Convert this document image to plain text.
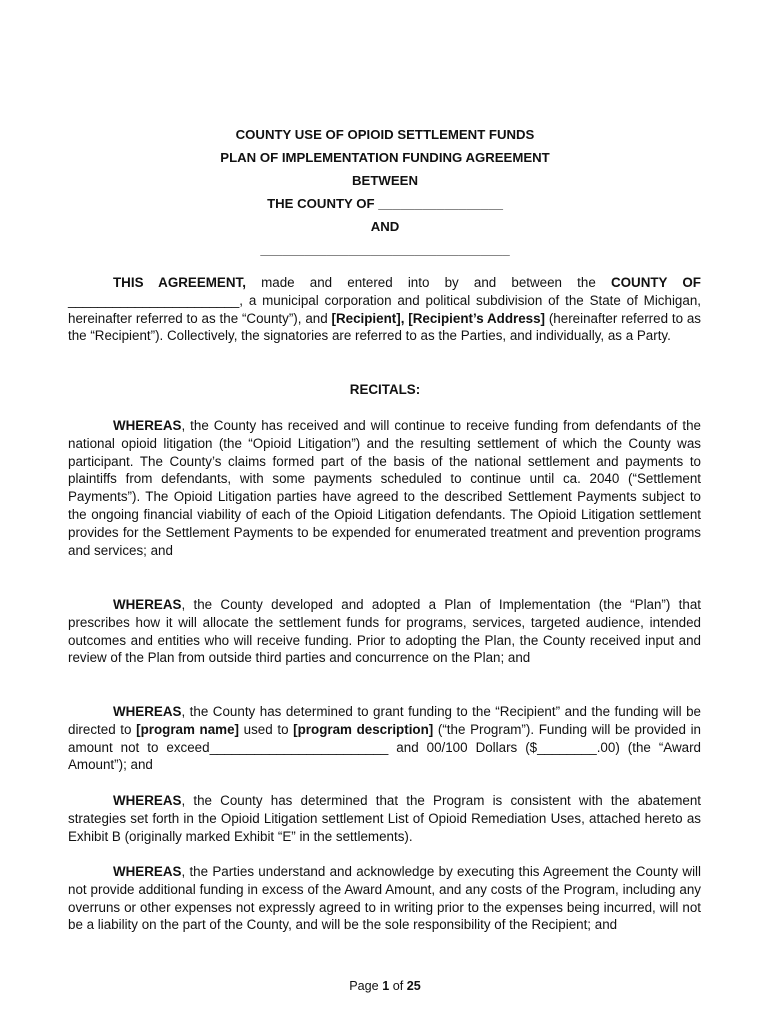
COUNTY USE OF OPIOID SETTLEMENT FUNDS
PLAN OF IMPLEMENTATION FUNDING AGREEMENT
BETWEEN
THE COUNTY OF _________________
AND
__________________________________

THIS AGREEMENT, made and entered into by and between the COUNTY OF _______________________, a municipal corporation and political subdivision of the State of Michigan, hereinafter referred to as the “County”), and [Recipient], [Recipient’s Address] (hereinafter referred to as the “Recipient”). Collectively, the signatories are referred to as the Parties, and individually, as a Party.

RECITALS:

WHEREAS, the County has received and will continue to receive funding from defendants of the national opioid litigation (the “Opioid Litigation”) and the resulting settlement of which the County was participant. The County’s claims formed part of the basis of the national settlement and payments to plaintiffs from defendants, with some payments scheduled to continue until ca. 2040 (“Settlement Payments”). The Opioid Litigation parties have agreed to the described Settlement Payments subject to the ongoing financial viability of each of the Opioid Litigation defendants. The Opioid Litigation settlement provides for the Settlement Payments to be expended for enumerated treatment and prevention programs and services; and

WHEREAS, the County developed and adopted a Plan of Implementation (the “Plan”) that prescribes how it will allocate the settlement funds for programs, services, targeted audience, intended outcomes and entities who will receive funding. Prior to adopting the Plan, the County received input and review of the Plan from outside third parties and concurrence on the Plan; and

WHEREAS, the County has determined to grant funding to the “Recipient” and the funding will be directed to [program name] used to [program description] (“the Program”). Funding will be provided in amount not to exceed________________________ and 00/100 Dollars ($________.00) (the “Award Amount”); and

WHEREAS, the County has determined that the Program is consistent with the abatement strategies set forth in the Opioid Litigation settlement List of Opioid Remediation Uses, attached hereto as Exhibit B (originally marked Exhibit “E” in the settlements).

WHEREAS, the Parties understand and acknowledge by executing this Agreement the County will not provide additional funding in excess of the Award Amount, and any costs of the Program, including any overruns or other expenses not expressly agreed to in writing prior to the expenses being incurred, will not be a liability on the part of the County, and will be the sole responsibility of the Recipient; and

Page 1 of 25
